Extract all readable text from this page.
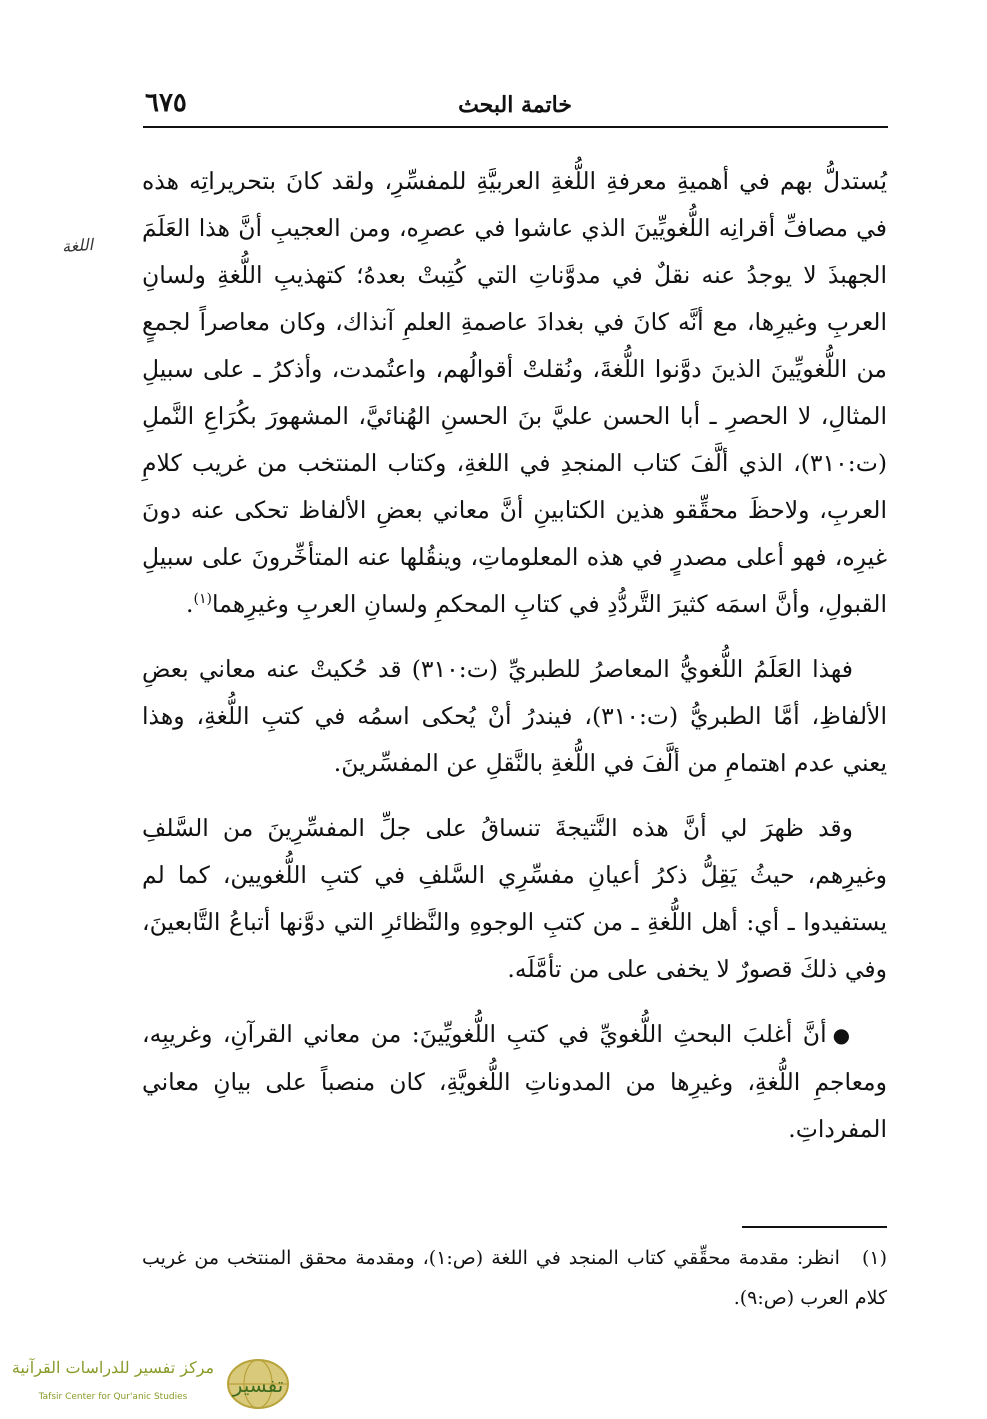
خاتمة البحث
٦٧٥
اللغة

يُستدلُّ بهم في أهميةِ معرفةِ اللُّغةِ العربيَّةِ للمفسِّرِ، ولقد كانَ بتحريراتِه هذه في مصافِّ أقرانِه اللُّغويِّينَ الذي عاشوا في عصرِه، ومن العجيبِ أنَّ هذا العَلَمَ الجهبذَ لا يوجدُ عنه نقلٌ في مدوَّناتِ التي كُتِبتْ بعدهُ؛ كتهذيبِ اللُّغةِ ولسانِ العربِ وغيرِها، مع أنَّه كانَ في بغدادَ عاصمةِ العلمِ آنذاك، وكان معاصراً لجمعٍ من اللُّغويِّينَ الذينَ دوَّنوا اللُّغةَ، ونُقلتْ أقوالُهم، واعتُمدت، وأذكرُ ـ على سبيلِ المثالِ، لا الحصرِ ـ أبا الحسن عليَّ بنَ الحسنِ الهُنائيَّ، المشهورَ بكُرَاعِ النَّملِ (ت:٣١٠)، الذي ألَّفَ كتاب المنجدِ في اللغةِ، وكتاب المنتخب من غريب كلامِ العربِ، ولاحظَ محقِّقو هذين الكتابينِ أنَّ معاني بعضِ الألفاظ تحكى عنه دونَ غيرِه، فهو أعلى مصدرٍ في هذه المعلوماتِ، وينقُلها عنه المتأخِّرونَ على سبيلِ القبولِ، وأنَّ اسمَه كثيرَ التَّردُّدِ في كتابِ المحكمِ ولسانِ العربِ وغيرِهما$^{(١)}$.

فهذا العَلَمُ اللُّغويُّ المعاصرُ للطبريِّ (ت:٣١٠) قد حُكيتْ عنه معاني بعضِ الألفاظِ، أمَّا الطبريُّ (ت:٣١٠)، فيندرُ أنْ يُحكى اسمُه في كتبِ اللُّغةِ، وهذا يعني عدم اهتمامِ من ألَّفَ في اللُّغةِ بالنَّقلِ عن المفسِّرينَ.

وقد ظهرَ لي أنَّ هذه النَّتيجةَ تنساقُ على جلِّ المفسِّرِينَ من السَّلفِ وغيرِهم، حيثُ يَقِلُّ ذكرُ أعيانِ مفسِّرِي السَّلفِ في كتبِ اللُّغويين، كما لم يستفيدوا ـ أي: أهل اللُّغةِ ـ من كتبِ الوجوهِ والنَّظائرِ التي دوَّنها أتباعُ التَّابعينَ، وفي ذلكَ قصورٌ لا يخفى على من تأمَّلَه.

●أنَّ أغلبَ البحثِ اللُّغويِّ في كتبِ اللُّغويِّينَ: من معاني القرآنِ، وغريبِه، ومعاجمِ اللُّغةِ، وغيرِها من المدوناتِ اللُّغويَّةِ، كان منصباً على بيانِ معاني المفرداتِ.

(١)انظر: مقدمة محقِّقي كتاب المنجد في اللغة (ص:١)، ومقدمة محقق المنتخب من غريب كلام العرب (ص:٩).
مركز تفسير للدراسات القرآنية
Tafsir Center for Qur'anic Studies	تفسير
